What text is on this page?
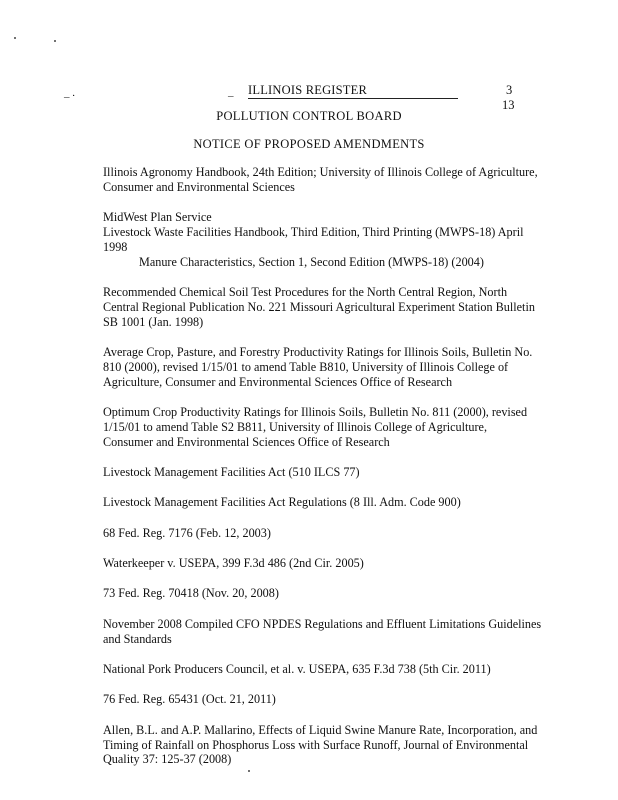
_ .	_ ILLINOIS REGISTER	3
13
POLLUTION CONTROL BOARD
NOTICE OF PROPOSED AMENDMENTS
Illinois Agronomy Handbook, 24th Edition; University of Illinois College of Agriculture,
Consumer and Environmental Sciences
MidWest Plan Service
Livestock Waste Facilities Handbook, Third Edition, Third Printing (MWPS-18) April
1998
Manure Characteristics, Section 1, Second Edition (MWPS-18) (2004)
Recommended Chemical Soil Test Procedures for the North Central Region, North
Central Regional Publication No. 221 Missouri Agricultural Experiment Station Bulletin
SB 1001 (Jan. 1998)
Average Crop, Pasture, and Forestry Productivity Ratings for Illinois Soils, Bulletin No.
810 (2000), revised 1/15/01 to amend Table B810, University of Illinois College of
Agriculture, Consumer and Environmental Sciences Office of Research
Optimum Crop Productivity Ratings for Illinois Soils, Bulletin No. 811 (2000), revised
1/15/01 to amend Table S2 B811, University of Illinois College of Agriculture,
Consumer and Environmental Sciences Office of Research
Livestock Management Facilities Act (510 ILCS 77)
Livestock Management Facilities Act Regulations (8 Ill. Adm. Code 900)
68 Fed. Reg. 7176 (Feb. 12, 2003)
Waterkeeper v. USEPA, 399 F.3d 486 (2nd Cir. 2005)
73 Fed. Reg. 70418 (Nov. 20, 2008)
November 2008 Compiled CFO NPDES Regulations and Effluent Limitations Guidelines
and Standards
National Pork Producers Council, et al. v. USEPA, 635 F.3d 738 (5th Cir. 2011)
76 Fed. Reg. 65431 (Oct. 21, 2011)
Allen, B.L. and A.P. Mallarino, Effects of Liquid Swine Manure Rate, Incorporation, and
Timing of Rainfall on Phosphorus Loss with Surface Runoff, Journal of Environmental
Quality 37: 125-37 (2008)
